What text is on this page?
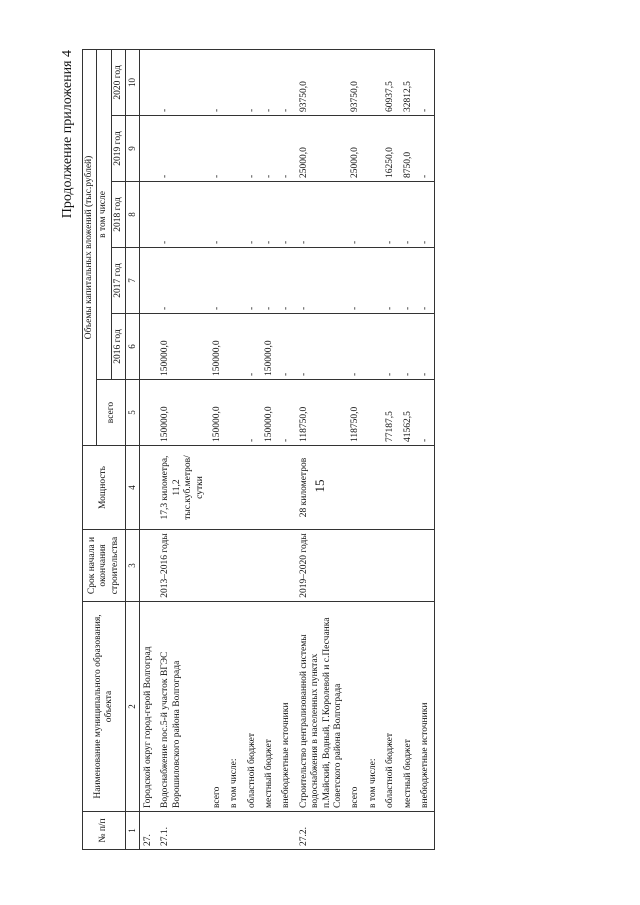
15
Продолжение приложения 4
№ п/п	Наименование муниципального образования, объекта	Срок начала и окончания строительства	Мощность	Объемы капитальных вложений (тыс.рублей)					
				всего	в том числе				
					2016 год	2017 год	2018 год	2019 год	2020 год
1	2	3	4	5	6	7	8	9	10
27.	Городской округ город-герой Волгоград								
27.1.	Водоснабжение пос.5-й участок ВГЭС Ворошиловского района Волгограда	2013–2016 годы	17,3 километра, 11,2 тыс.куб.метров/ сутки	150000,0	150000,0	-	-	-	-
	всего			150000,0	150000,0	-	-	-	-
	в том числе:								
	областной бюджет			-	-	-	-	-	-
	местный бюджет			150000,0	150000,0	-	-	-	-
	внебюджетные источники			-	-	-	-	-	-
27.2.	Строительство централизованной системы водоснабжения в населенных пунктах п.Майский, Водный, Г.Королевой и с.Песчанка Советского района Волгограда	2019–2020 годы	28 километров	118750,0	-	-	-	25000,0	93750,0
	всего			118750,0	-	-	-	25000,0	93750,0
	в том числе:								
	областной бюджет			77187,5	-	-	-	16250,0	60937,5
	местный бюджет			41562,5	-	-	-	8750,0	32812,5
	внебюджетные источники			-	-	-	-	-	-
